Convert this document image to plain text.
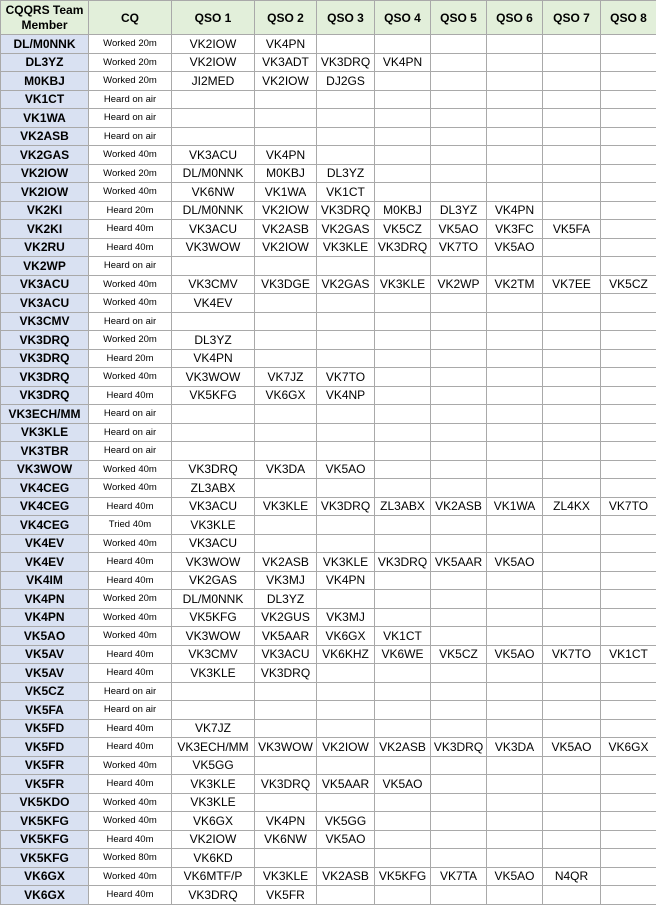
CQQRS Team Member	CQ	QSO 1	QSO 2	QSO 3	QSO 4	QSO 5	QSO 6	QSO 7	QSO 8
DL/M0NNK	Worked 20m	VK2IOW	VK4PN						
DL3YZ	Worked 20m	VK2IOW	VK3ADT	VK3DRQ	VK4PN				
M0KBJ	Worked 20m	JI2MED	VK2IOW	DJ2GS					
VK1CT	Heard on air								
VK1WA	Heard on air								
VK2ASB	Heard on air								
VK2GAS	Worked 40m	VK3ACU	VK4PN						
VK2IOW	Worked 20m	DL/M0NNK	M0KBJ	DL3YZ					
VK2IOW	Worked 40m	VK6NW	VK1WA	VK1CT					
VK2KI	Heard 20m	DL/M0NNK	VK2IOW	VK3DRQ	M0KBJ	DL3YZ	VK4PN		
VK2KI	Heard 40m	VK3ACU	VK2ASB	VK2GAS	VK5CZ	VK5AO	VK3FC	VK5FA	
VK2RU	Heard 40m	VK3WOW	VK2IOW	VK3KLE	VK3DRQ	VK7TO	VK5AO		
VK2WP	Heard on air								
VK3ACU	Worked 40m	VK3CMV	VK3DGE	VK2GAS	VK3KLE	VK2WP	VK2TM	VK7EE	VK5CZ
VK3ACU	Worked 40m	VK4EV							
VK3CMV	Heard on air								
VK3DRQ	Worked 20m	DL3YZ							
VK3DRQ	Heard 20m	VK4PN							
VK3DRQ	Worked 40m	VK3WOW	VK7JZ	VK7TO					
VK3DRQ	Heard 40m	VK5KFG	VK6GX	VK4NP					
VK3ECH/MM	Heard on air								
VK3KLE	Heard on air								
VK3TBR	Heard on air								
VK3WOW	Worked 40m	VK3DRQ	VK3DA	VK5AO					
VK4CEG	Worked 40m	ZL3ABX							
VK4CEG	Heard 40m	VK3ACU	VK3KLE	VK3DRQ	ZL3ABX	VK2ASB	VK1WA	ZL4KX	VK7TO
VK4CEG	Tried 40m	VK3KLE							
VK4EV	Worked 40m	VK3ACU							
VK4EV	Heard 40m	VK3WOW	VK2ASB	VK3KLE	VK3DRQ	VK5AAR	VK5AO		
VK4IM	Heard 40m	VK2GAS	VK3MJ	VK4PN					
VK4PN	Worked 20m	DL/M0NNK	DL3YZ						
VK4PN	Worked 40m	VK5KFG	VK2GUS	VK3MJ					
VK5AO	Worked 40m	VK3WOW	VK5AAR	VK6GX	VK1CT				
VK5AV	Heard 40m	VK3CMV	VK3ACU	VK6KHZ	VK6WE	VK5CZ	VK5AO	VK7TO	VK1CT
VK5AV	Heard 40m	VK3KLE	VK3DRQ						
VK5CZ	Heard on air								
VK5FA	Heard on air								
VK5FD	Heard 40m	VK7JZ							
VK5FD	Heard 40m	VK3ECH/MM	VK3WOW	VK2IOW	VK2ASB	VK3DRQ	VK3DA	VK5AO	VK6GX
VK5FR	Worked 40m	VK5GG							
VK5FR	Heard 40m	VK3KLE	VK3DRQ	VK5AAR	VK5AO				
VK5KDO	Worked 40m	VK3KLE							
VK5KFG	Worked 40m	VK6GX	VK4PN	VK5GG					
VK5KFG	Heard 40m	VK2IOW	VK6NW	VK5AO					
VK5KFG	Worked 80m	VK6KD							
VK6GX	Worked 40m	VK6MTF/P	VK3KLE	VK2ASB	VK5KFG	VK7TA	VK5AO	N4QR	
VK6GX	Heard 40m	VK3DRQ	VK5FR						
